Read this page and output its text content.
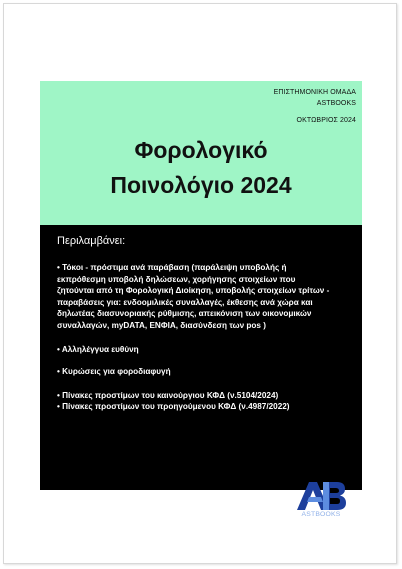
ΕΠΙΣΤΗΜΟΝΙΚΗ ΟΜΑΔΑ
ASTBOOKS
ΟΚΤΩΒΡΙΟΣ 2024
Φορολογικό
Ποινολόγιο 2024
Περιλαμβάνει:

• Τόκοι - πρόστιμα ανά παράβαση (παράλειψη υποβολής ή εκπρόθεσμη υποβολή δηλώσεων, χορήγησης στοιχείων που ζητούνται από τη Φορολογική Διοίκηση, υποβολής στοιχείων τρίτων - παραβάσεις για: ενδοομιλικές συναλλαγές, έκθεσης ανά χώρα και δηλωτέας διασυνοριακής ρύθμισης, απεικόνιση των οικονομικών συναλλαγών, myDATA, ΕΝΦΙΑ, διασύνδεση των pos )

• Αλληλέγγυα ευθύνη

• Κυρώσεις για φοροδιαφυγή

• Πίνακες προστίμων του καινούργιου ΚΦΔ (ν.5104/2024)

• Πίνακες προστίμων του προηγούμενου ΚΦΔ (ν.4987/2022)

ASTBOOKS
ΕΚΔΟΣΕΙΣ
